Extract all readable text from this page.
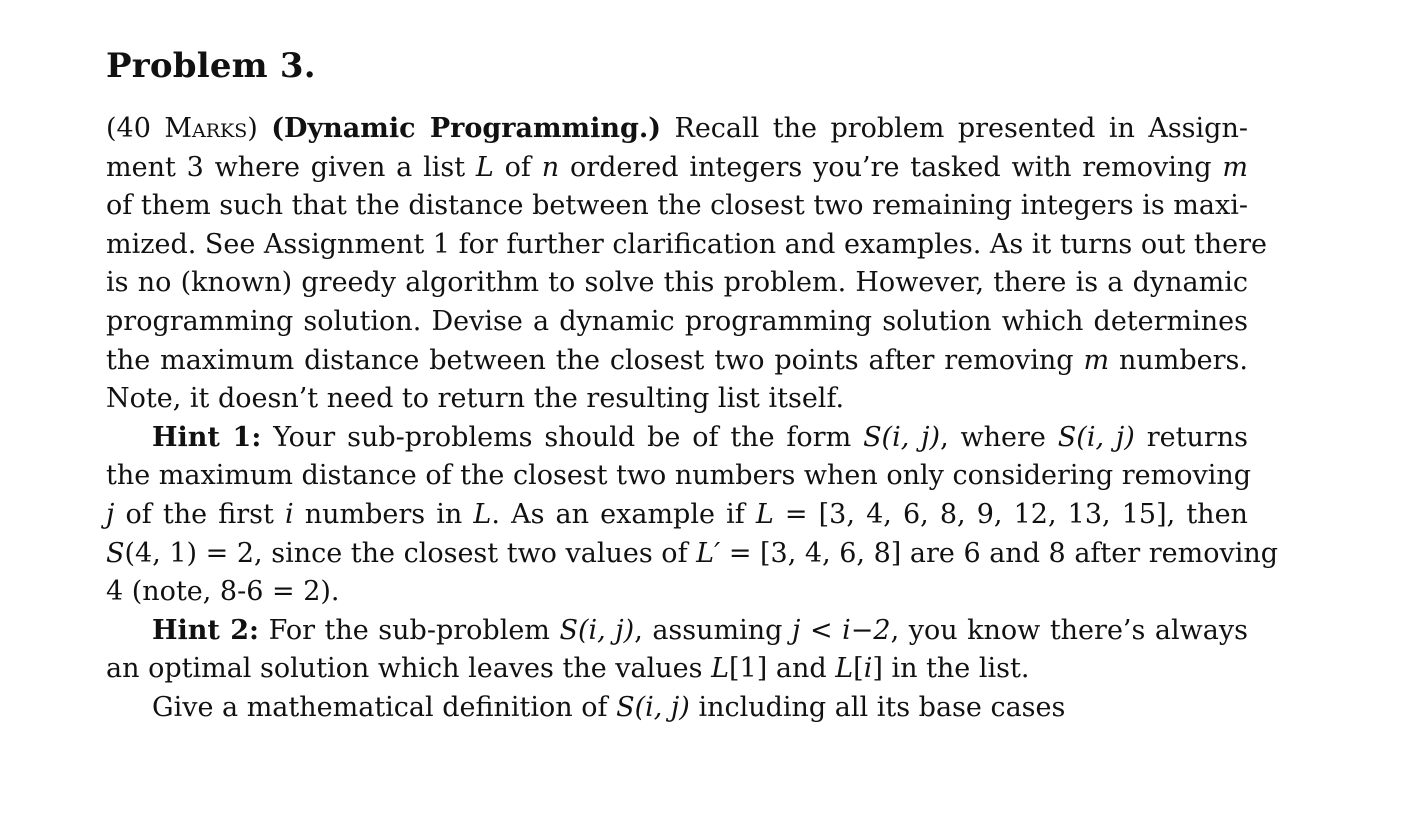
Problem 3.
(40 Marks) (Dynamic Programming.) Recall the problem presented in Assign-
ment 3 where given a list L of n ordered integers you’re tasked with removing m
of them such that the distance between the closest two remaining integers is maxi-
mized. See Assignment 1 for further clarification and examples. As it turns out there
is no (known) greedy algorithm to solve this problem. However, there is a dynamic
programming solution. Devise a dynamic programming solution which determines
the maximum distance between the closest two points after removing m numbers.
Note, it doesn’t need to return the resulting list itself.
Hint 1: Your sub-problems should be of the form S(i, j), where S(i, j) returns
the maximum distance of the closest two numbers when only considering removing
j of the first i numbers in L. As an example if L = [3, 4, 6, 8, 9, 12, 13, 15], then
S(4, 1) = 2, since the closest two values of L′ = [3, 4, 6, 8] are 6 and 8 after removing
4 (note, 8-6 = 2).
Hint 2: For the sub-problem S(i, j), assuming j < i−2, you know there’s always
an optimal solution which leaves the values L[1] and L[i] in the list.
Give a mathematical definition of S(i, j) including all its base cases
